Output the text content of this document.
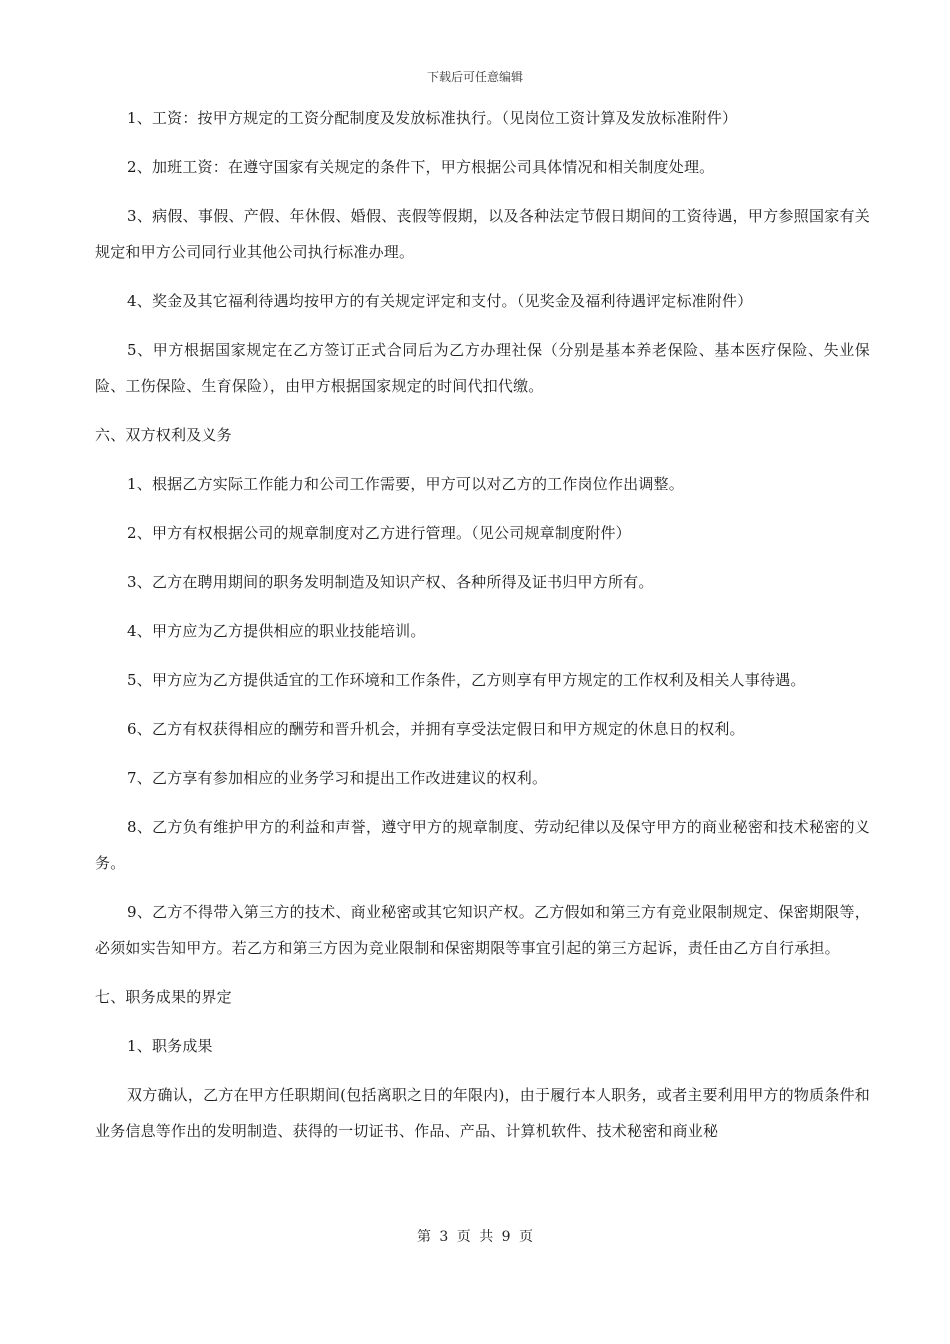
下载后可任意编辑

1、工资：按甲方规定的工资分配制度及发放标准执行。（见岗位工资计算及发放标准附件）

2、加班工资：在遵守国家有关规定的条件下，甲方根据公司具体情况和相关制度处理。

3、病假、事假、产假、年休假、婚假、丧假等假期，以及各种法定节假日期间的工资待遇，甲方参照国家有关规定和甲方公司同行业其他公司执行标准办理。

4、奖金及其它福利待遇均按甲方的有关规定评定和支付。（见奖金及福利待遇评定标准附件）

5、甲方根据国家规定在乙方签订正式合同后为乙方办理社保（分别是基本养老保险、基本医疗保险、失业保险、工伤保险、生育保险），由甲方根据国家规定的时间代扣代缴。

六、双方权利及义务

1、根据乙方实际工作能力和公司工作需要，甲方可以对乙方的工作岗位作出调整。

2、甲方有权根据公司的规章制度对乙方进行管理。（见公司规章制度附件）

3、乙方在聘用期间的职务发明制造及知识产权、各种所得及证书归甲方所有。

4、甲方应为乙方提供相应的职业技能培训。

5、甲方应为乙方提供适宜的工作环境和工作条件，乙方则享有甲方规定的工作权利及相关人事待遇。

6、乙方有权获得相应的酬劳和晋升机会，并拥有享受法定假日和甲方规定的休息日的权利。

7、乙方享有参加相应的业务学习和提出工作改进建议的权利。

8、乙方负有维护甲方的利益和声誉，遵守甲方的规章制度、劳动纪律以及保守甲方的商业秘密和技术秘密的义务。

9、乙方不得带入第三方的技术、商业秘密或其它知识产权。乙方假如和第三方有竞业限制规定、保密期限等，必须如实告知甲方。若乙方和第三方因为竞业限制和保密期限等事宜引起的第三方起诉，责任由乙方自行承担。

七、职务成果的界定

1、职务成果

双方确认，乙方在甲方任职期间(包括离职之日的年限内)，由于履行本人职务，或者主要利用甲方的物质条件和业务信息等作出的发明制造、获得的一切证书、作品、产品、计算机软件、技术秘密和商业秘

第 3 页 共 9 页
